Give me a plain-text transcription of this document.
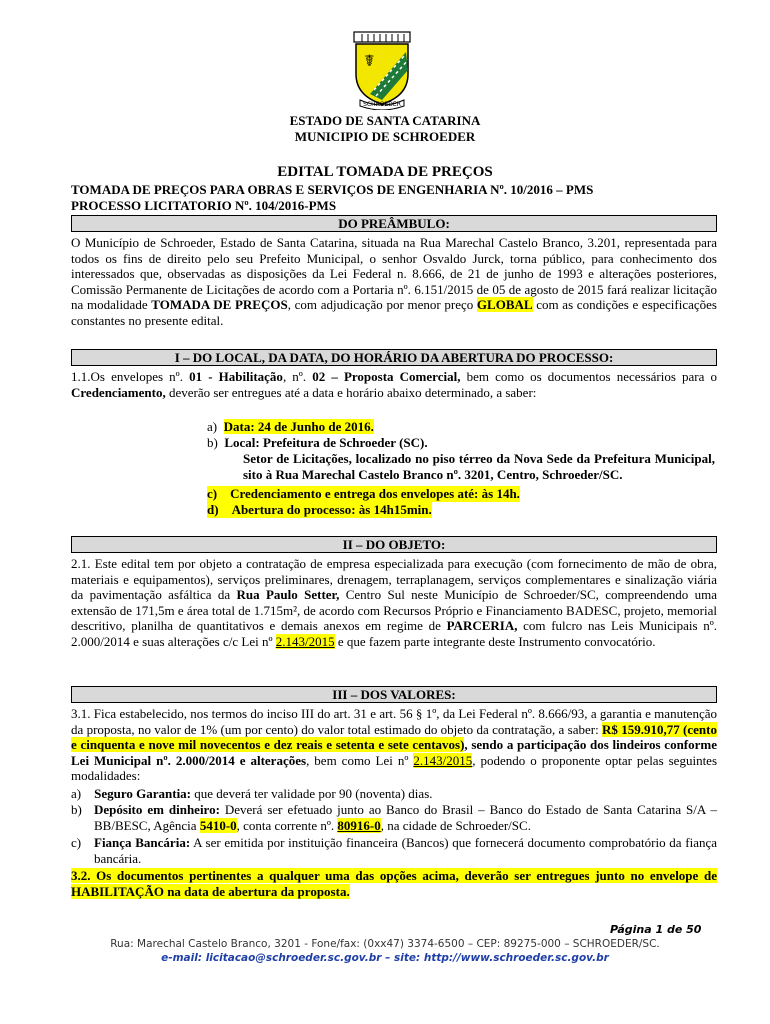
☤
SCHROEDER
ESTADO DE SANTA CATARINA
MUNICIPIO DE SCHROEDER
EDITAL TOMADA DE PREÇOS
TOMADA DE PREÇOS PARA OBRAS E SERVIÇOS DE ENGENHARIA Nº. 10/2016 – PMS
PROCESSO LICITATORIO Nº. 104/2016-PMS
DO PREÂMBULO:
O Município de Schroeder, Estado de Santa Catarina, situada na Rua Marechal Castelo Branco, 3.201, representada para todos os fins de direito pelo seu Prefeito Municipal, o senhor Osvaldo Jurck, torna público, para conhecimento dos interessados que, observadas as disposições da Lei Federal n. 8.666, de 21 de junho de 1993 e alterações posteriores, Comissão Permanente de Licitações de acordo com a Portaria nº. 6.151/2015 de 05 de agosto de 2015 fará realizar licitação na modalidade TOMADA DE PREÇOS, com adjudicação por menor preço GLOBAL com as condições e especificações constantes no presente edital.
I – DO LOCAL, DA DATA, DO HORÁRIO DA ABERTURA DO PROCESSO:
1.1.Os envelopes nº. 01 - Habilitação, nº. 02 – Proposta Comercial, bem como os documentos necessários para o Credenciamento, deverão ser entregues até a data e horário abaixo determinado, a saber:
a) Data: 24 de Junho de 2016.
b) Local: Prefeitura de Schroeder (SC).
Setor de Licitações, localizado no piso térreo da Nova Sede da Prefeitura Municipal, sito à Rua Marechal Castelo Branco nº. 3201, Centro, Schroeder/SC.
c) Credenciamento e entrega dos envelopes até: às 14h.
d) Abertura do processo: às 14h15min.
II – DO OBJETO:
2.1. Este edital tem por objeto a contratação de empresa especializada para execução (com fornecimento de mão de obra, materiais e equipamentos), serviços preliminares, drenagem, terraplanagem, serviços complementares e sinalização viária da pavimentação asfáltica da Rua Paulo Setter, Centro Sul neste Município de Schroeder/SC, compreendendo uma extensão de 171,5m e área total de 1.715m², de acordo com Recursos Próprio e Financiamento BADESC, projeto, memorial descritivo, planilha de quantitativos e demais anexos em regime de PARCERIA, com fulcro nas Leis Municipais nº. 2.000/2014 e suas alterações c/c Lei nº 2.143/2015 e que fazem parte integrante deste Instrumento convocatório.
III – DOS VALORES:
3.1. Fica estabelecido, nos termos do inciso III do art. 31 e art. 56 § 1º, da Lei Federal nº. 8.666/93, a garantia e manutenção da proposta, no valor de 1% (um por cento) do valor total estimado do objeto da contratação, a saber: R$ 159.910,77 (cento e cinquenta e nove mil novecentos e dez reais e setenta e sete centavos), sendo a participação dos lindeiros conforme Lei Municipal nº. 2.000/2014 e alterações, bem como Lei nº 2.143/2015, podendo o proponente optar pelas seguintes modalidades:
a) Seguro Garantia: que deverá ter validade por 90 (noventa) dias.
b) Depósito em dinheiro: Deverá ser efetuado junto ao Banco do Brasil – Banco do Estado de Santa Catarina S/A – BB/BESC, Agência 5410-0, conta corrente nº. 80916-0, na cidade de Schroeder/SC.
c) Fiança Bancária: A ser emitida por instituição financeira (Bancos) que fornecerá documento comprobatório da fiança bancária.
3.2. Os documentos pertinentes a qualquer uma das opções acima, deverão ser entregues junto no envelope de HABILITAÇÃO na data de abertura da proposta.
Página 1 de 50
Rua: Marechal Castelo Branco, 3201 - Fone/fax: (0xx47) 3374-6500 – CEP: 89275-000 – SCHROEDER/SC.
e-mail: licitacao@schroeder.sc.gov.br – site: http://www.schroeder.sc.gov.br
